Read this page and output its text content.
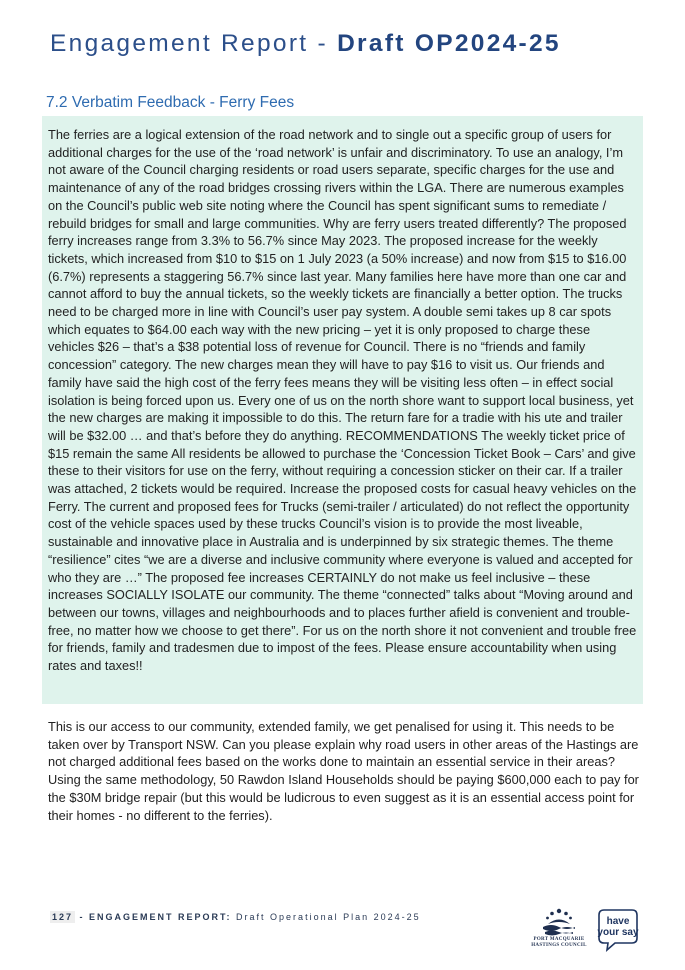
Engagement Report - Draft OP2024-25
7.2 Verbatim Feedback - Ferry Fees

The ferries are a logical extension of the road network and to single out a specific group of users for additional charges for the use of the ‘road network’ is unfair and discriminatory. To use an analogy, I’m not aware of the Council charging residents or road users separate, specific charges for the use and maintenance of any of the road bridges crossing rivers within the LGA. There are numerous examples on the Council’s public web site noting where the Council has spent significant sums to remediate / rebuild bridges for small and large communities. Why are ferry users treated differently? The proposed ferry increases range from 3.3% to 56.7% since May 2023. The proposed increase for the weekly tickets, which increased from $10 to $15 on 1 July 2023 (a 50% increase) and now from $15 to $16.00 (6.7%) represents a staggering 56.7% since last year. Many families here have more than one car and cannot afford to buy the annual tickets, so the weekly tickets are financially a better option. The trucks need to be charged more in line with Council’s user pay system. A double semi takes up 8 car spots which equates to $64.00 each way with the new pricing – yet it is only proposed to charge these vehicles $26 – that’s a $38 potential loss of revenue for Council. There is no “friends and family concession” category. The new charges mean they will have to pay $16 to visit us. Our friends and family have said the high cost of the ferry fees means they will be visiting less often – in effect social isolation is being forced upon us. Every one of us on the north shore want to support local business, yet the new charges are making it impossible to do this. The return fare for a tradie with his ute and trailer will be $32.00 … and that’s before they do anything. RECOMMENDATIONS The weekly ticket price of $15 remain the same All residents be allowed to purchase the ‘Concession Ticket Book – Cars’ and give these to their visitors for use on the ferry, without requiring a concession sticker on their car. If a trailer was attached, 2 tickets would be required. Increase the proposed costs for casual heavy vehicles on the Ferry. The current and proposed fees for Trucks (semi-trailer / articulated) do not reflect the opportunity cost of the vehicle spaces used by these trucks Council’s vision is to provide the most liveable, sustainable and innovative place in Australia and is underpinned by six strategic themes. The theme “resilience” cites “we are a diverse and inclusive community where everyone is valued and accepted for who they are …” The proposed fee increases CERTAINLY do not make us feel inclusive – these increases SOCIALLY ISOLATE our community. The theme “connected” talks about “Moving around and between our towns, villages and neighbourhoods and to places further afield is convenient and trouble-free, no matter how we choose to get there”. For us on the north shore it not convenient and trouble free for friends, family and tradesmen due to impost of the fees. Please ensure accountability when using rates and taxes!!

This is our access to our community, extended family, we get penalised for using it. This needs to be taken over by Transport NSW. Can you please explain why road users in other areas of the Hastings are not charged additional fees based on the works done to maintain an essential service in their areas? Using the same methodology, 50 Rawdon Island Households should be paying $600,000 each to pay for the $30M bridge repair (but this would be ludicrous to even suggest as it is an essential access point for their homes - no different to the ferries).

127 - ENGAGEMENT REPORT: Draft Operational Plan 2024-25
PORT MACQUARIE
HASTINGS COUNCIL
have
your say
